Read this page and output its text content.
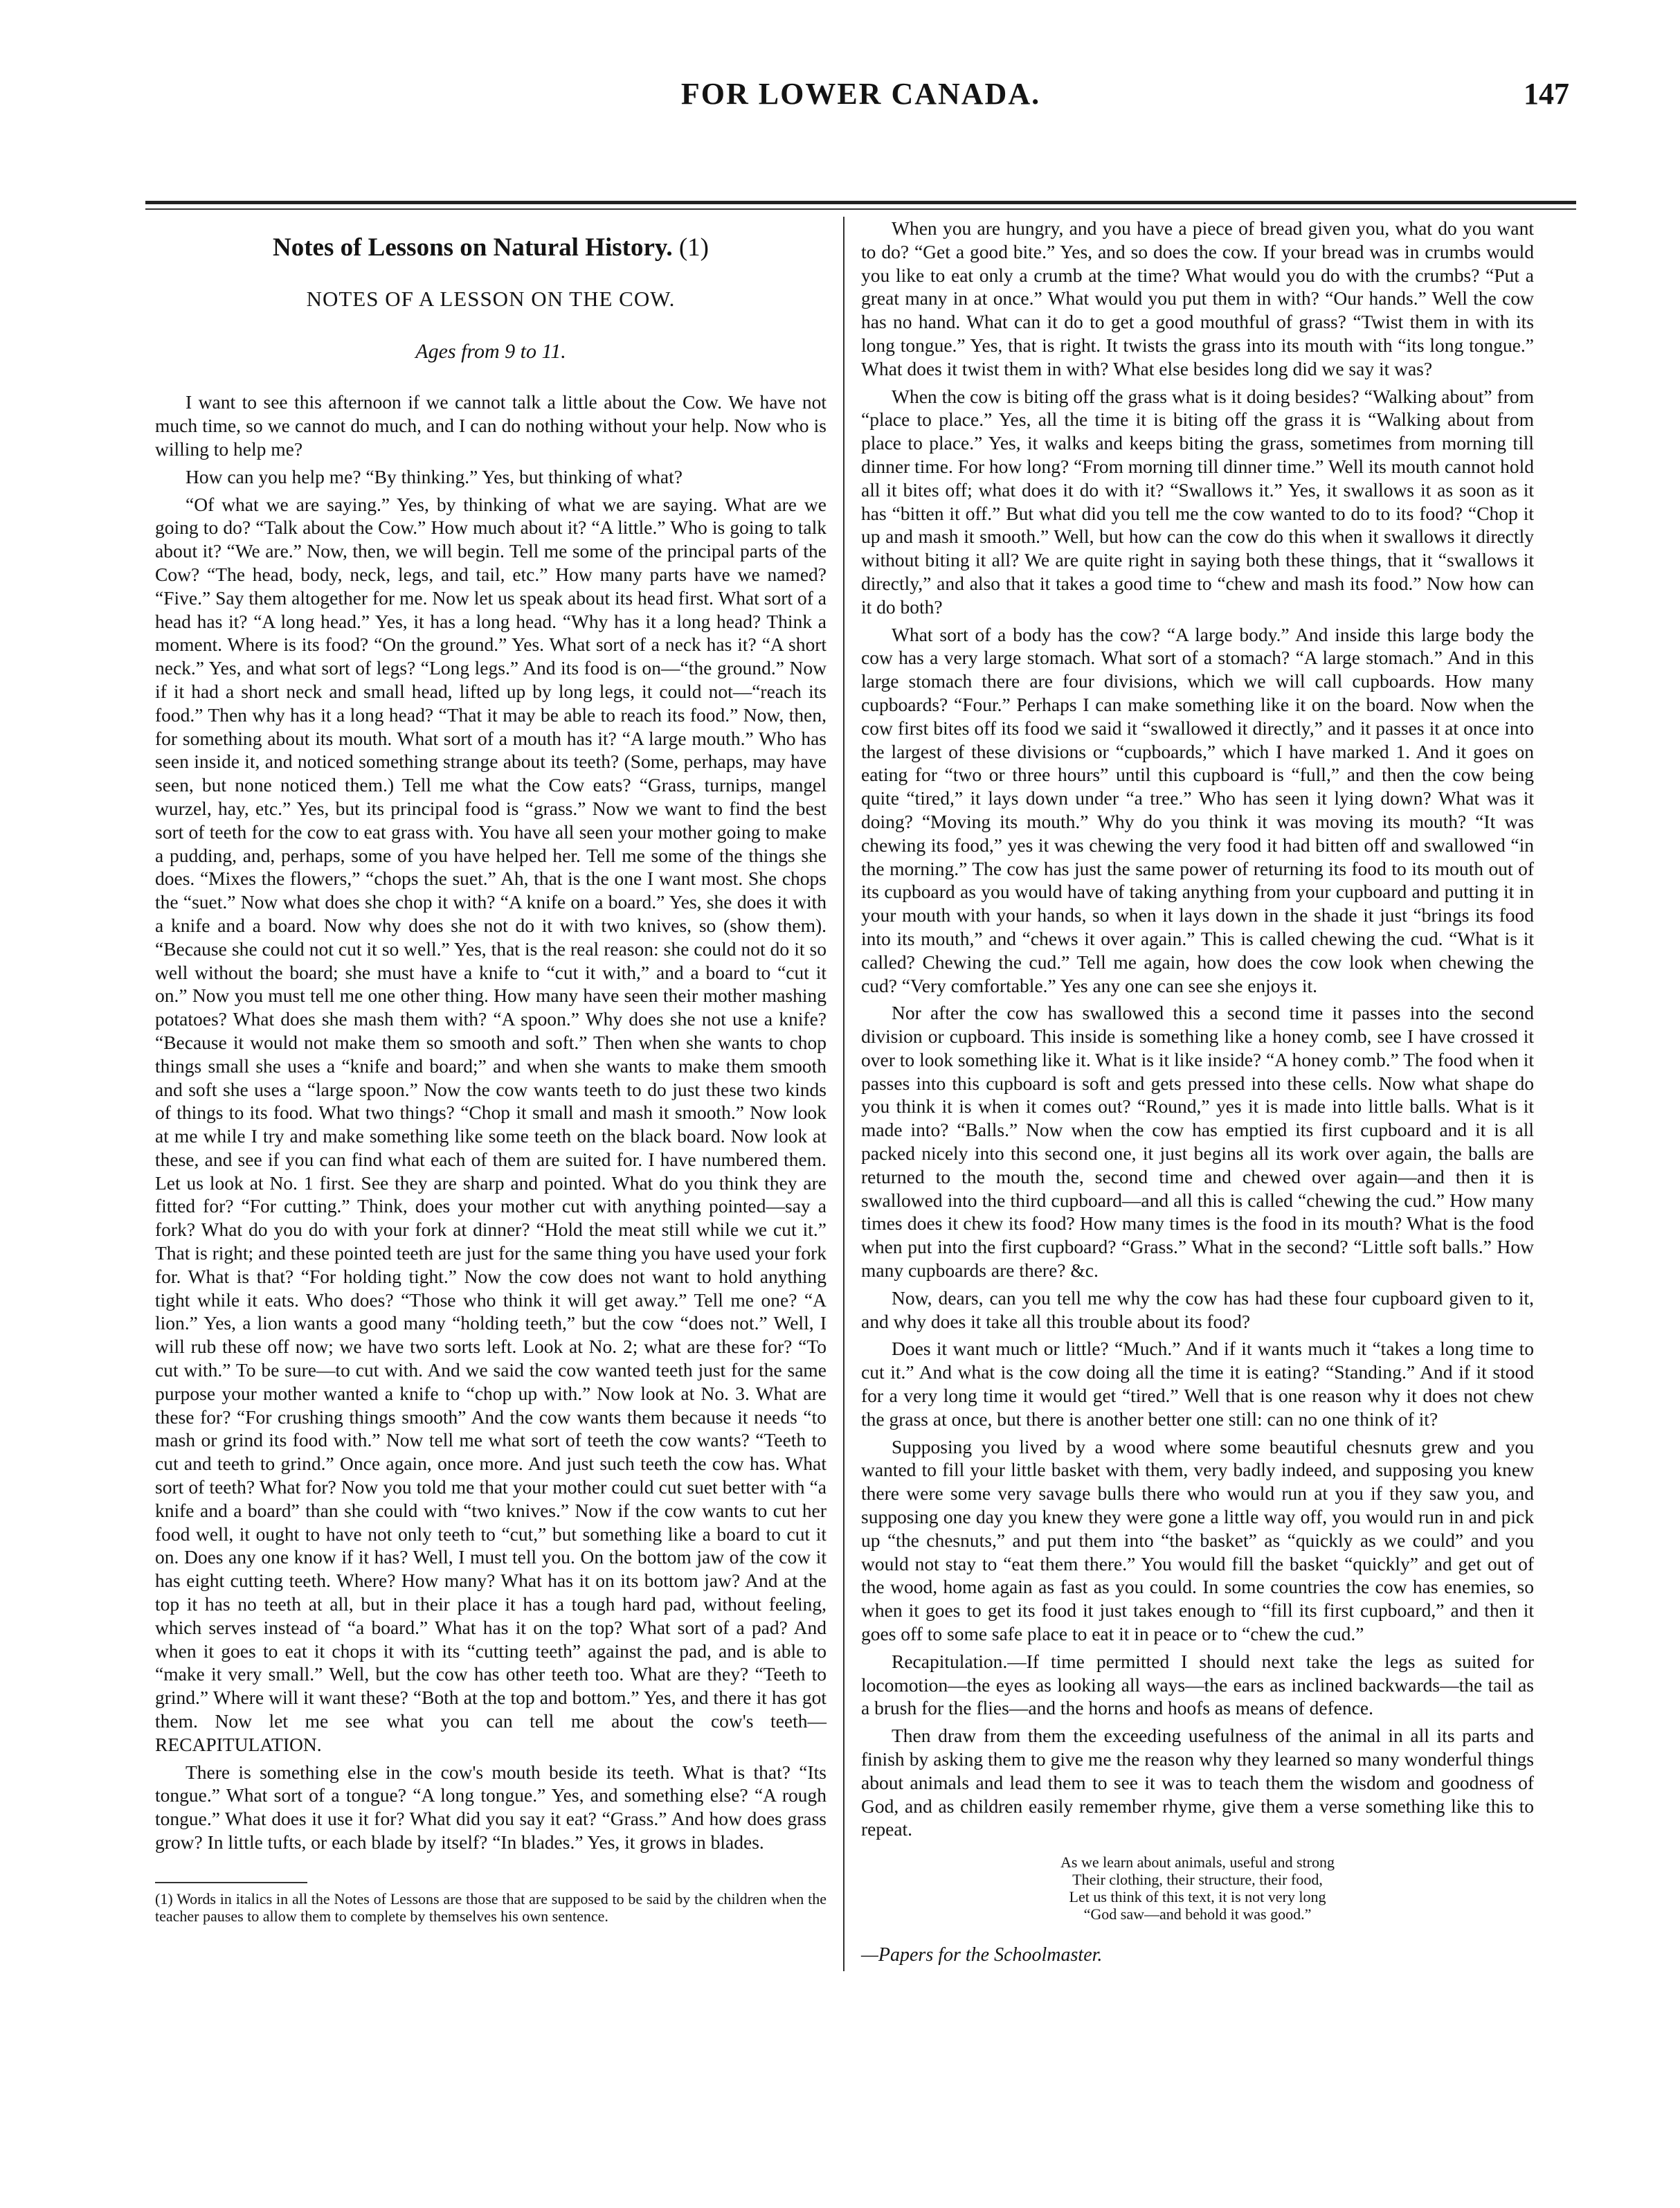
FOR LOWER CANADA.	147
Notes of Lessons on Natural History. (1)
NOTES OF A LESSON ON THE COW.
Ages from 9 to 11.

I want to see this afternoon if we cannot talk a little about the Cow. We have not much time, so we cannot do much, and I can do nothing without your help. Now who is willing to help me?

How can you help me? “By thinking.” Yes, but thinking of what?

“Of what we are saying.” Yes, by thinking of what we are saying. What are we going to do? “Talk about the Cow.” How much about it? “A little.” Who is going to talk about it? “We are.” Now, then, we will begin. Tell me some of the principal parts of the Cow? “The head, body, neck, legs, and tail, etc.” How many parts have we named? “Five.” Say them altogether for me. Now let us speak about its head first. What sort of a head has it? “A long head.” Yes, it has a long head. “Why has it a long head? Think a moment. Where is its food? “On the ground.” Yes. What sort of a neck has it? “A short neck.” Yes, and what sort of legs? “Long legs.” And its food is on—“the ground.” Now if it had a short neck and small head, lifted up by long legs, it could not—“reach its food.” Then why has it a long head? “That it may be able to reach its food.” Now, then, for something about its mouth. What sort of a mouth has it? “A large mouth.” Who has seen inside it, and noticed something strange about its teeth? (Some, perhaps, may have seen, but none noticed them.) Tell me what the Cow eats? “Grass, turnips, mangel wurzel, hay, etc.” Yes, but its principal food is “grass.” Now we want to find the best sort of teeth for the cow to eat grass with. You have all seen your mother going to make a pudding, and, perhaps, some of you have helped her. Tell me some of the things she does. “Mixes the flowers,” “chops the suet.” Ah, that is the one I want most. She chops the “suet.” Now what does she chop it with? “A knife on a board.” Yes, she does it with a knife and a board. Now why does she not do it with two knives, so (show them). “Because she could not cut it so well.” Yes, that is the real reason: she could not do it so well without the board; she must have a knife to “cut it with,” and a board to “cut it on.” Now you must tell me one other thing. How many have seen their mother mashing potatoes? What does she mash them with? “A spoon.” Why does she not use a knife? “Because it would not make them so smooth and soft.” Then when she wants to chop things small she uses a “knife and board;” and when she wants to make them smooth and soft she uses a “large spoon.” Now the cow wants teeth to do just these two kinds of things to its food. What two things? “Chop it small and mash it smooth.” Now look at me while I try and make something like some teeth on the black board. Now look at these, and see if you can find what each of them are suited for. I have numbered them. Let us look at No. 1 first. See they are sharp and pointed. What do you think they are fitted for? “For cutting.” Think, does your mother cut with anything pointed—say a fork? What do you do with your fork at dinner? “Hold the meat still while we cut it.” That is right; and these pointed teeth are just for the same thing you have used your fork for. What is that? “For holding tight.” Now the cow does not want to hold anything tight while it eats. Who does? “Those who think it will get away.” Tell me one? “A lion.” Yes, a lion wants a good many “holding teeth,” but the cow “does not.” Well, I will rub these off now; we have two sorts left. Look at No. 2; what are these for? “To cut with.” To be sure—to cut with. And we said the cow wanted teeth just for the same purpose your mother wanted a knife to “chop up with.” Now look at No. 3. What are these for? “For crushing things smooth” And the cow wants them because it needs “to mash or grind its food with.” Now tell me what sort of teeth the cow wants? “Teeth to cut and teeth to grind.” Once again, once more. And just such teeth the cow has. What sort of teeth? What for? Now you told me that your mother could cut suet better with “a knife and a board” than she could with “two knives.” Now if the cow wants to cut her food well, it ought to have not only teeth to “cut,” but something like a board to cut it on. Does any one know if it has? Well, I must tell you. On the bottom jaw of the cow it has eight cutting teeth. Where? How many? What has it on its bottom jaw? And at the top it has no teeth at all, but in their place it has a tough hard pad, without feeling, which serves instead of “a board.” What has it on the top? What sort of a pad? And when it goes to eat it chops it with its “cutting teeth” against the pad, and is able to “make it very small.” Well, but the cow has other teeth too. What are they? “Teeth to grind.” Where will it want these? “Both at the top and bottom.” Yes, and there it has got them. Now let me see what you can tell me about the cow's teeth—RECAPITULATION.

There is something else in the cow's mouth beside its teeth. What is that? “Its tongue.” What sort of a tongue? “A long tongue.” Yes, and something else? “A rough tongue.” What does it use it for? What did you say it eat? “Grass.” And how does grass grow? In little tufts, or each blade by itself? “In blades.” Yes, it grows in blades.

(1) Words in italics in all the Notes of Lessons are those that are supposed to be said by the children when the teacher pauses to allow them to complete by themselves his own sentence.

When you are hungry, and you have a piece of bread given you, what do you want to do? “Get a good bite.” Yes, and so does the cow. If your bread was in crumbs would you like to eat only a crumb at the time? What would you do with the crumbs? “Put a great many in at once.” What would you put them in with? “Our hands.” Well the cow has no hand. What can it do to get a good mouthful of grass? “Twist them in with its long tongue.” Yes, that is right. It twists the grass into its mouth with “its long tongue.” What does it twist them in with? What else besides long did we say it was?

When the cow is biting off the grass what is it doing besides? “Walking about” from “place to place.” Yes, all the time it is biting off the grass it is “Walking about from place to place.” Yes, it walks and keeps biting the grass, sometimes from morning till dinner time. For how long? “From morning till dinner time.” Well its mouth cannot hold all it bites off; what does it do with it? “Swallows it.” Yes, it swallows it as soon as it has “bitten it off.” But what did you tell me the cow wanted to do to its food? “Chop it up and mash it smooth.” Well, but how can the cow do this when it swallows it directly without biting it all? We are quite right in saying both these things, that it “swallows it directly,” and also that it takes a good time to “chew and mash its food.” Now how can it do both?

What sort of a body has the cow? “A large body.” And inside this large body the cow has a very large stomach. What sort of a stomach? “A large stomach.” And in this large stomach there are four divisions, which we will call cupboards. How many cupboards? “Four.” Perhaps I can make something like it on the board. Now when the cow first bites off its food we said it “swallowed it directly,” and it passes it at once into the largest of these divisions or “cupboards,” which I have marked 1. And it goes on eating for “two or three hours” until this cupboard is “full,” and then the cow being quite “tired,” it lays down under “a tree.” Who has seen it lying down? What was it doing? “Moving its mouth.” Why do you think it was moving its mouth? “It was chewing its food,” yes it was chewing the very food it had bitten off and swallowed “in the morning.” The cow has just the same power of returning its food to its mouth out of its cupboard as you would have of taking anything from your cupboard and putting it in your mouth with your hands, so when it lays down in the shade it just “brings its food into its mouth,” and “chews it over again.” This is called chewing the cud. “What is it called? Chewing the cud.” Tell me again, how does the cow look when chewing the cud? “Very comfortable.” Yes any one can see she enjoys it.

Nor after the cow has swallowed this a second time it passes into the second division or cupboard. This inside is something like a honey comb, see I have crossed it over to look something like it. What is it like inside? “A honey comb.” The food when it passes into this cupboard is soft and gets pressed into these cells. Now what shape do you think it is when it comes out? “Round,” yes it is made into little balls. What is it made into? “Balls.” Now when the cow has emptied its first cupboard and it is all packed nicely into this second one, it just begins all its work over again, the balls are returned to the mouth the, second time and chewed over again—and then it is swallowed into the third cupboard—and all this is called “chewing the cud.” How many times does it chew its food? How many times is the food in its mouth? What is the food when put into the first cupboard? “Grass.” What in the second? “Little soft balls.” How many cupboards are there? &c.

Now, dears, can you tell me why the cow has had these four cupboard given to it, and why does it take all this trouble about its food?

Does it want much or little? “Much.” And if it wants much it “takes a long time to cut it.” And what is the cow doing all the time it is eating? “Standing.” And if it stood for a very long time it would get “tired.” Well that is one reason why it does not chew the grass at once, but there is another better one still: can no one think of it?

Supposing you lived by a wood where some beautiful chesnuts grew and you wanted to fill your little basket with them, very badly indeed, and supposing you knew there were some very savage bulls there who would run at you if they saw you, and supposing one day you knew they were gone a little way off, you would run in and pick up “the chesnuts,” and put them into “the basket” as “quickly as we could” and you would not stay to “eat them there.” You would fill the basket “quickly” and get out of the wood, home again as fast as you could. In some countries the cow has enemies, so when it goes to get its food it just takes enough to “fill its first cupboard,” and then it goes off to some safe place to eat it in peace or to “chew the cud.”

Recapitulation.—If time permitted I should next take the legs as suited for locomotion—the eyes as looking all ways—the ears as inclined backwards—the tail as a brush for the flies—and the horns and hoofs as means of defence.

Then draw from them the exceeding usefulness of the animal in all its parts and finish by asking them to give me the reason why they learned so many wonderful things about animals and lead them to see it was to teach them the wisdom and goodness of God, and as children easily remember rhyme, give them a verse something like this to repeat.

As we learn about animals, useful and strong
Their clothing, their structure, their food,
Let us think of this text, it is not very long
“God saw—and behold it was good.”

—Papers for the Schoolmaster.
